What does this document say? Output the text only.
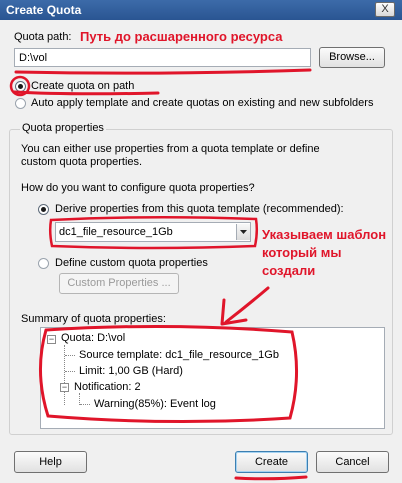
Create Quota	X
Quota path:
D:\vol	Browse...
Create quota on path
Auto apply template and create quotas on existing and new subfolders
Quota properties
You can either use properties from a quota template or define custom quota properties.
How do you want to configure quota properties?
Derive properties from this quota template (recommended):
dc1_file_resource_1Gb
Define custom quota properties
Custom Properties ...
Summary of quota properties:
− Quota: D:\vol
Source template: dc1_file_resource_1Gb
Limit: 1,00 GB (Hard)
− Notification: 2
Warning(85%): Event log
Help	Create	Cancel
Путь до расшаренного ресурса
Указываем шаблон
который мы
создали
